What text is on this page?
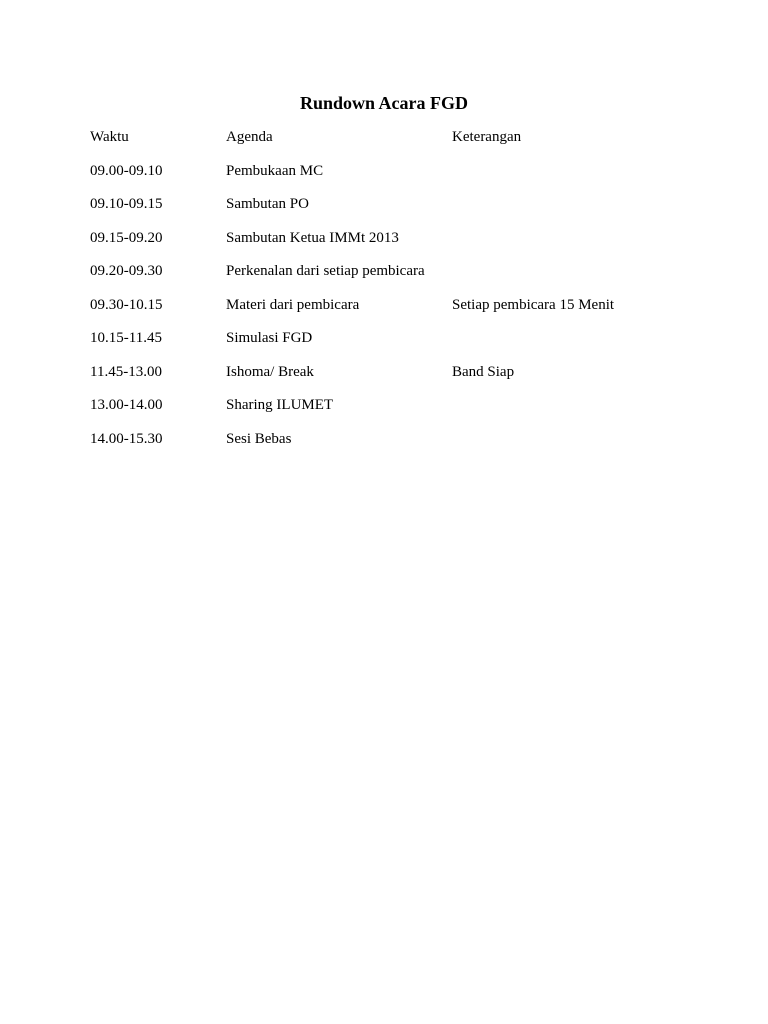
Rundown Acara FGD
Waktu	Agenda	Keterangan
09.00-09.10	Pembukaan MC	
09.10-09.15	Sambutan PO	
09.15-09.20	Sambutan Ketua IMMt 2013	
09.20-09.30	Perkenalan dari setiap pembicara	
09.30-10.15	Materi dari pembicara	Setiap pembicara 15 Menit
10.15-11.45	Simulasi FGD	
11.45-13.00	Ishoma/ Break	Band Siap
13.00-14.00	Sharing ILUMET	
14.00-15.30	Sesi Bebas	
